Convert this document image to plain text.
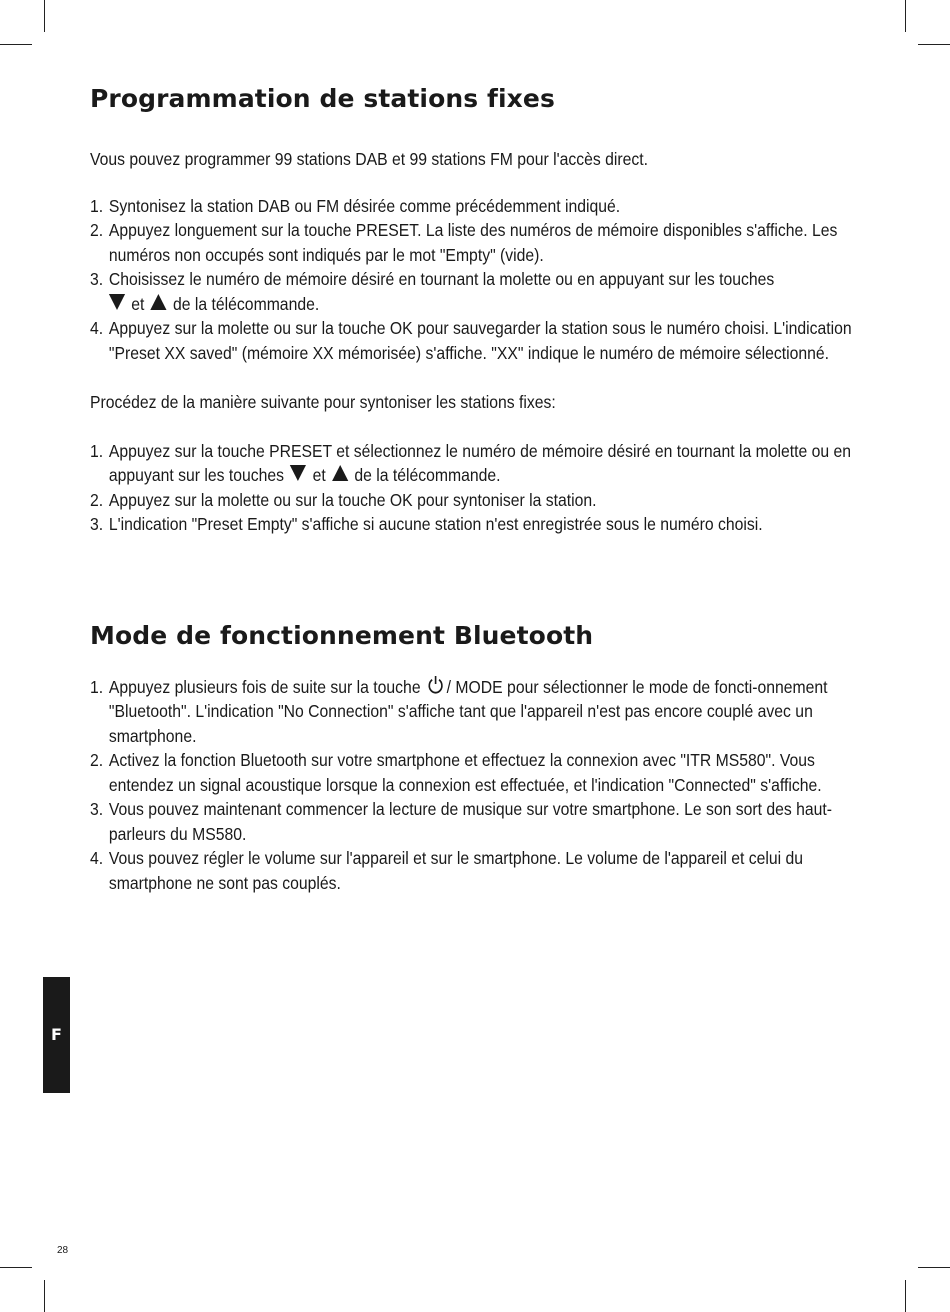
Programmation de stations fixes

Vous pouvez programmer 99 stations DAB et 99 stations FM pour l'accès direct.

1. Syntonisez la station DAB ou FM désirée comme précédemment indiqué.
2. Appuyez longuement sur la touche PRESET. La liste des numéros de mémoire disponibles s'affiche. Les numéros non occupés sont indiqués par le mot "Empty" (vide).
3. Choisissez le numéro de mémoire désiré en tournant la molette ou en appuyant sur les touches
et de la télécommande.
4. Appuyez sur la molette ou sur la touche OK pour sauvegarder la station sous le numéro choisi. L'indication "Preset XX saved" (mémoire XX mémorisée) s'affiche. "XX" indique le numéro de mémoire sélectionné.

Procédez de la manière suivante pour syntoniser les stations fixes:

1. Appuyez sur la touche PRESET et sélectionnez le numéro de mémoire désiré en tournant la molette ou en appuyant sur les touches et de la télécommande.
2. Appuyez sur la molette ou sur la touche OK pour syntoniser la station.
3. L'indication "Preset Empty" s'affiche si aucune station n'est enregistrée sous le numéro choisi.
Mode de fonctionnement Bluetooth
1. Appuyez plusieurs fois de suite sur la touche / MODE pour sélectionner le mode de foncti-onnement "Bluetooth". L'indication "No Connection" s'affiche tant que l'appareil n'est pas encore couplé avec un smartphone.
2. Activez la fonction Bluetooth sur votre smartphone et effectuez la connexion avec "ITR MS580". Vous entendez un signal acoustique lorsque la connexion est effectuée, et l'indication "Connected" s'affiche.
3. Vous pouvez maintenant commencer la lecture de musique sur votre smartphone. Le son sort des haut-parleurs du MS580.
4. Vous pouvez régler le volume sur l'appareil et sur le smartphone. Le volume de l'appareil et celui du smartphone ne sont pas couplés.
F
28
